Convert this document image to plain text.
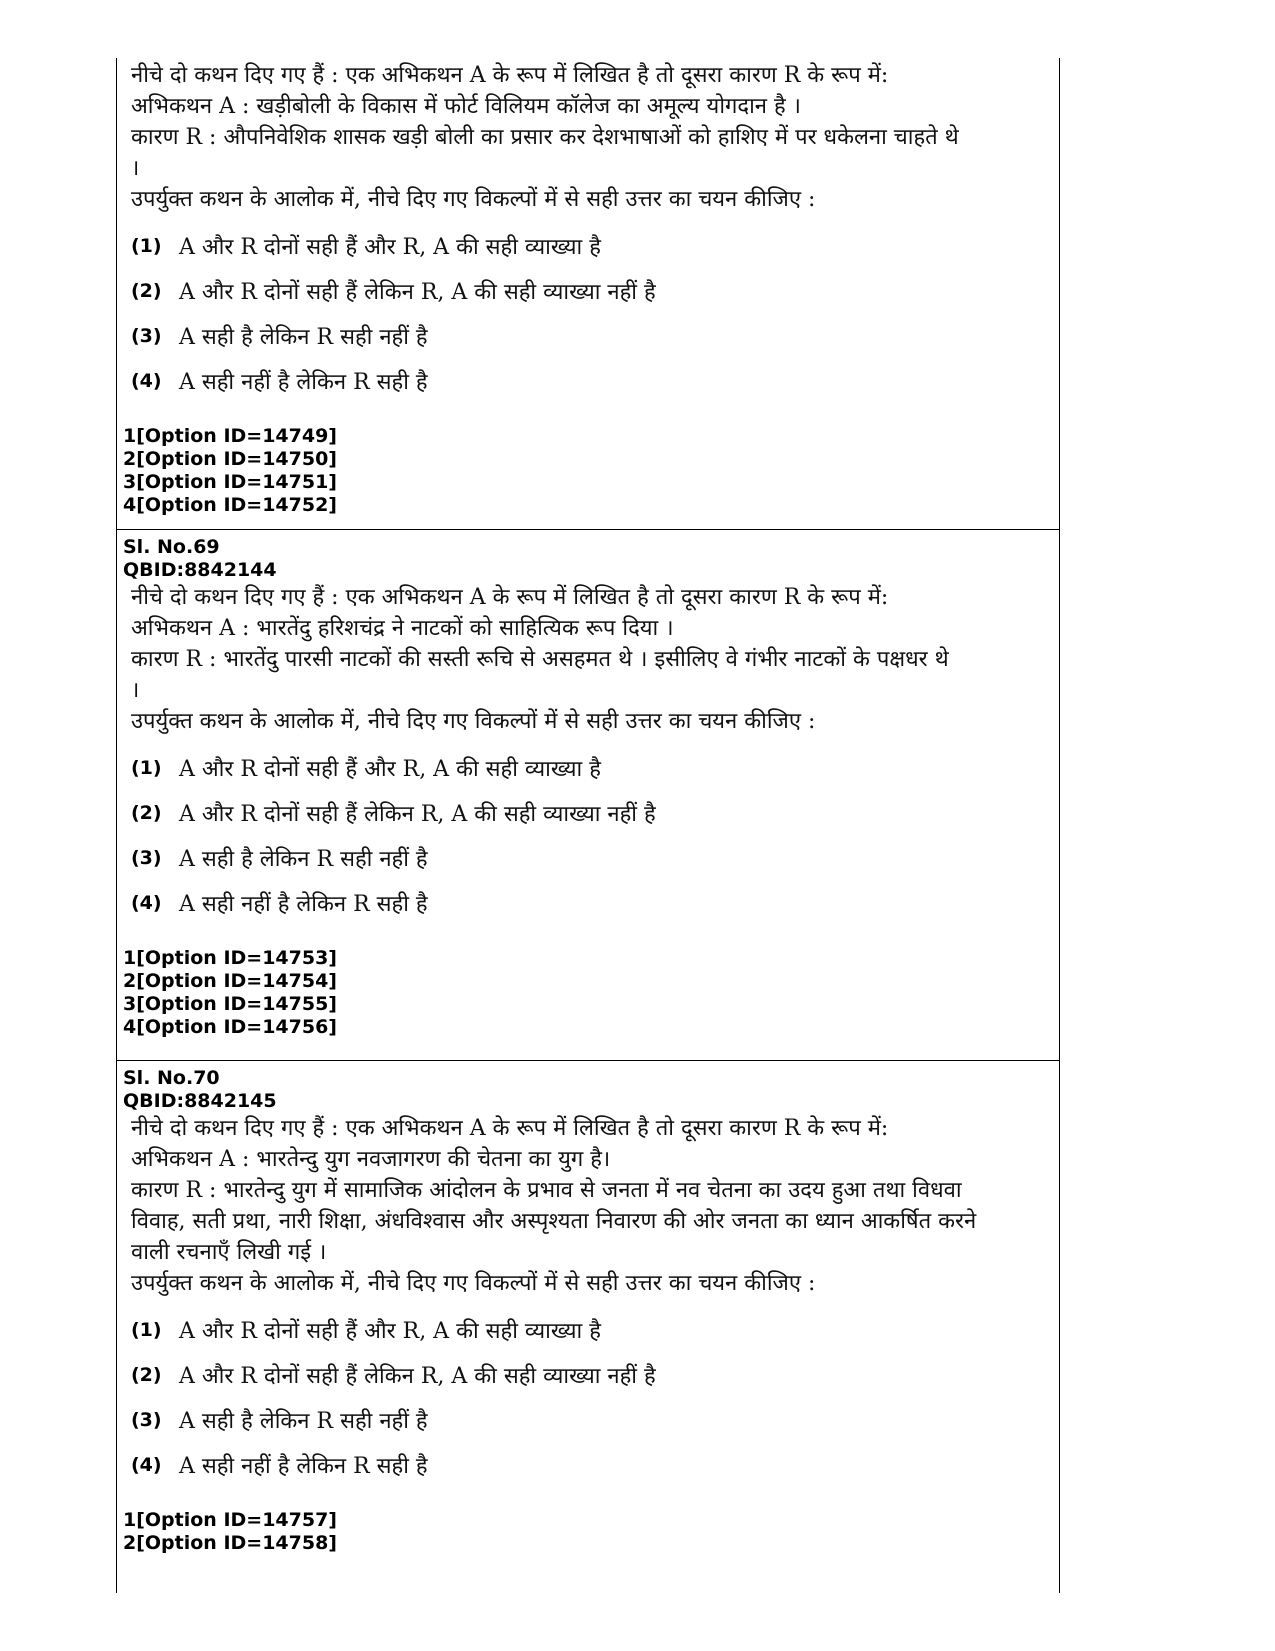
नीचे दो कथन दिए गए हैं : एक अभिकथन A के रूप में लिखित है तो दूसरा कारण R के रूप में:
अभिकथन A : खड़ीबोली के विकास में फोर्ट विलियम कॉलेज का अमूल्य योगदान है ।
कारण R : औपनिवेशिक शासक खड़ी बोली का प्रसार कर देशभाषाओं को हाशिए में पर धकेलना चाहते थे
।
उपर्युक्त कथन के आलोक में, नीचे दिए गए विकल्पों में से सही उत्तर का चयन कीजिए :
(1) A और R दोनों सही हैं और R, A की सही व्याख्या है
(2) A और R दोनों सही हैं लेकिन R, A की सही व्याख्या नहीं है
(3) A सही है लेकिन R सही नहीं है
(4) A सही नहीं है लेकिन R सही है
1[Option ID=14749]
2[Option ID=14750]
3[Option ID=14751]
4[Option ID=14752]
Sl. No.69
QBID:8842144
नीचे दो कथन दिए गए हैं : एक अभिकथन A के रूप में लिखित है तो दूसरा कारण R के रूप में:
अभिकथन A : भारतेंदु हरिशचंद्र ने नाटकों को साहित्यिक रूप दिया ।
कारण R : भारतेंदु पारसी नाटकों की सस्ती रूचि से असहमत थे । इसीलिए वे गंभीर नाटकों के पक्षधर थे
।
उपर्युक्त कथन के आलोक में, नीचे दिए गए विकल्पों में से सही उत्तर का चयन कीजिए :
(1) A और R दोनों सही हैं और R, A की सही व्याख्या है
(2) A और R दोनों सही हैं लेकिन R, A की सही व्याख्या नहीं है
(3) A सही है लेकिन R सही नहीं है
(4) A सही नहीं है लेकिन R सही है
1[Option ID=14753]
2[Option ID=14754]
3[Option ID=14755]
4[Option ID=14756]
Sl. No.70
QBID:8842145
नीचे दो कथन दिए गए हैं : एक अभिकथन A के रूप में लिखित है तो दूसरा कारण R के रूप में:
अभिकथन A : भारतेन्दु युग नवजागरण की चेतना का युग है।
कारण R : भारतेन्दु युग में सामाजिक आंदोलन के प्रभाव से जनता में नव चेतना का उदय हुआ तथा विधवा
विवाह, सती प्रथा, नारी शिक्षा, अंधविश्वास और अस्पृश्यता निवारण की ओर जनता का ध्यान आकर्षित करने
वाली रचनाएँ लिखी गई ।
उपर्युक्त कथन के आलोक में, नीचे दिए गए विकल्पों में से सही उत्तर का चयन कीजिए :
(1) A और R दोनों सही हैं और R, A की सही व्याख्या है
(2) A और R दोनों सही हैं लेकिन R, A की सही व्याख्या नहीं है
(3) A सही है लेकिन R सही नहीं है
(4) A सही नहीं है लेकिन R सही है
1[Option ID=14757]
2[Option ID=14758]
